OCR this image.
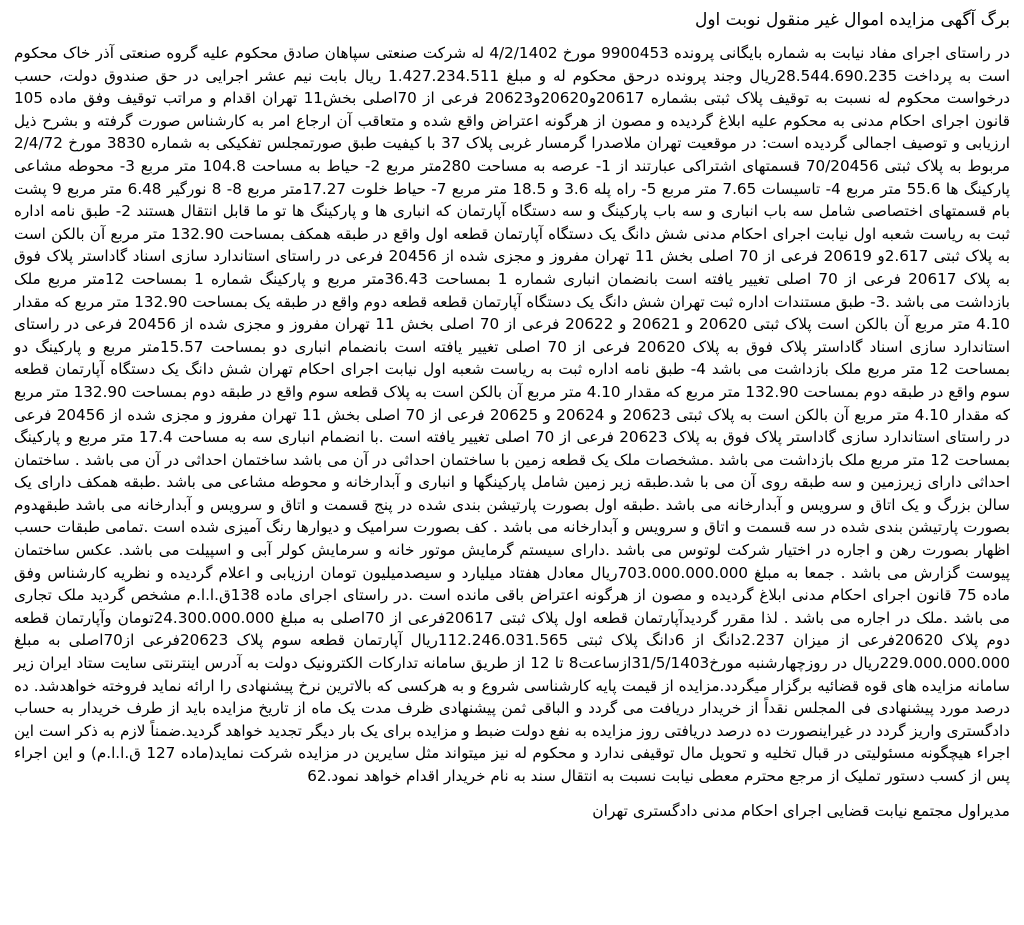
برگ آگهی مزایده اموال غیر منقول نوبت اول

در راستای اجرای مفاد نیابت به شماره بایگانی پرونده 9900453 مورخ 4/2/1402 له شرکت صنعتی سپاهان صادق محکوم علیه گروه صنعتی آذر خاک محکوم است به پرداخت 28.544.690.235ریال وجند پرونده درحق محکوم له و مبلغ 1.427.234.511 ریال بابت نیم عشر اجرایی در حق صندوق دولت، حسب درخواست محکوم له نسبت به توقیف پلاک ثبتی بشماره 20617و20620و20623 فرعی از 70اصلی بخش11 تهران اقدام و مراتب توقیف وفق ماده 105 قانون اجرای احکام مدنی به محکوم علیه ابلاغ گردیده و مصون از هرگونه اعتراض واقع شده و متعاقب آن ارجاع امر به کارشناس صورت گرفته و بشرح ذیل ارزیابی و توصیف اجمالی گردیده است: در موقعیت تهران ملاصدرا گرمسار غربی پلاک 37 با کیفیت طبق صورتمجلس تفکیکی به شماره 3830 مورخ 2/4/72 مربوط به پلاک ثبتی 70/20456 قسمتهای اشتراکی عبارتند از 1- عرصه به مساحت 280متر مربع 2- حیاط به مساحت 104.8 متر مربع 3- محوطه مشاعی پارکینگ ها 55.6 متر مربع 4- تاسیسات 7.65 متر مربع 5- راه پله 3.6 و 18.5 متر مربع 7- حیاط خلوت 17.27متر مربع 8- 8 نورگیر 6.48 متر مربع 9 پشت بام قسمتهای اختصاصی شامل سه باب انباری و سه باب پارکینگ و سه دستگاه آپارتمان که انباری ها و پارکینگ ها تو ما قابل انتقال هستند 2- طبق نامه اداره ثبت به ریاست شعبه اول نیابت اجرای احکام مدنی شش دانگ یک دستگاه آپارتمان قطعه اول واقع در طبقه همکف بمساحت 132.90 متر مربع آن بالکن است به پلاک ثبتی 2.617و 20619 فرعی از 70 اصلی بخش 11 تهران مفروز و مجزی شده از 20456 فرعی در راستای استاندارد سازی اسناد گاداستر پلاک فوق به پلاک 20617 فرعی از 70 اصلی تغییر یافته است بانضمان انباری شماره 1 بمساحت 36.43متر مربع و پارکینگ شماره 1 بمساحت 12متر مربع ملک بازداشت می باشد .3- طبق مستندات اداره ثبت تهران شش دانگ یک دستگاه آپارتمان قطعه قطعه دوم واقع در طبقه یک بمساحت 132.90 متر مربع که مقدار 4.10 متر مربع آن بالکن است پلاک ثبتی 20620 و 20621 و 20622 فرعی از 70 اصلی بخش 11 تهران مفروز و مجزی شده از 20456 فرعی در راستای استاندارد سازی اسناد گاداستر پلاک فوق به پلاک 20620 فرعی از 70 اصلی تغییر یافته است بانضمام انباری دو بمساحت 15.57متر مربع و پارکینگ دو بمساحت 12 متر مربع ملک بازداشت می باشد 4- طبق نامه اداره ثبت به ریاست شعبه اول نیابت اجرای احکام تهران شش دانگ یک دستگاه آپارتمان قطعه سوم واقع در طبقه دوم بمساحت 132.90 متر مربع که مقدار 4.10 متر مربع آن بالکن است به پلاک قطعه سوم واقع در طبقه دوم بمساحت 132.90 متر مربع که مقدار 4.10 متر مربع آن بالکن است به پلاک ثبتی 20623 و 20624 و 20625 فرعی از 70 اصلی بخش 11 تهران مفروز و مجزی شده از 20456 فرعی در راستای استاندارد سازی گاداستر پلاک فوق به پلاک 20623 فرعی از 70 اصلی تغییر یافته است .با انضمام انباری سه به مساحت 17.4 متر مربع و پارکینگ بمساحت 12 متر مربع ملک بازداشت می باشد .مشخصات ملک یک قطعه زمین با ساختمان احداثی در آن می باشد ساختمان احداثی در آن می باشد . ساختمان احداثی دارای زیرزمین و سه طبقه روی آن می با شد.طبقه زیر زمین شامل پارکینگها و انباری و آبدارخانه و محوطه مشاعی می باشد .طبقه همکف دارای یک سالن بزرگ و یک اتاق و سرویس و آبدارخانه می باشد .طبقه اول بصورت پارتیشن بندی شده در پنج قسمت و اتاق و سرویس و آبدارخانه می باشد طبقهدوم بصورت پارتیشن بندی شده در سه قسمت و اتاق و سرویس و آبدارخانه می باشد . کف بصورت سرامیک و دیوارها رنگ آمیزی شده است .تمامی طبقات حسب اظهار بصورت رهن و اجاره در اختیار شرکت لوتوس می باشد .دارای سیستم گرمایش موتور خانه و سرمایش کولر آبی و اسپیلت می باشد. عکس ساختمان پیوست گزارش می باشد . جمعا به مبلغ 703.000.000.000ریال معادل هفتاد میلیارد و سیصدمیلیون تومان ارزیابی و اعلام گردیده و نظریه کارشناس وفق ماده 75 قانون اجرای احکام مدنی ابلاغ گردیده و مصون از هرگونه اعتراض باقی مانده است .در راستای اجرای ماده 138ق.ا.ا.م مشخص گردید ملک تجاری می باشد .ملک در اجاره می باشد . لذا مقرر گردیدآپارتمان قطعه اول پلاک ثبتی 20617فرعی از 70اصلی به مبلغ 24.300.000.000تومان وآپارتمان قطعه دوم پلاک 20620فرعی از میزان 2.237دانگ از 6دانگ پلاک ثبتی 112.246.031.565ریال آپارتمان قطعه سوم پلاک 20623فرعی از70اصلی به مبلغ 229.000.000.000ریال در روزچهارشنبه مورخ31/5/1403ازساعت8 تا 12 از طریق سامانه تدارکات الکترونیک دولت به آدرس اینترنتی سایت ستاد ایران زیر سامانه مزایده های قوه قضائیه برگزار میگردد.مزایده از قیمت پایه کارشناسی شروع و به هرکسی که بالاترین نرخ پیشنهادی را ارائه نماید فروخته خواهدشد. ده درصد مورد پیشنهادی فی المجلس نقداً از خریدار دریافت می گردد و الباقی ثمن پیشنهادی ظرف مدت یک ماه از تاریخ مزایده باید از طرف خریدار به حساب دادگستری واریز گردد در غیراینصورت ده درصد دریافتی روز مزایده به نفع دولت ضبط و مزایده برای یک بار دیگر تجدید خواهد گردید.ضمناً لازم به ذکر است این اجراء هیچگونه مسئولیتی در قبال تخلیه و تحویل مال توقیفی ندارد و محکوم له نیز میتواند مثل سایرین در مزایده شرکت نماید(ماده 127 ق.ا.ا.م) و این اجراء پس از کسب دستور تملیک از مرجع محترم معطی نیابت نسبت به انتقال سند به نام خریدار اقدام خواهد نمود.62

مدیراول مجتمع نیابت قضایی اجرای احکام مدنی دادگستری تهران
